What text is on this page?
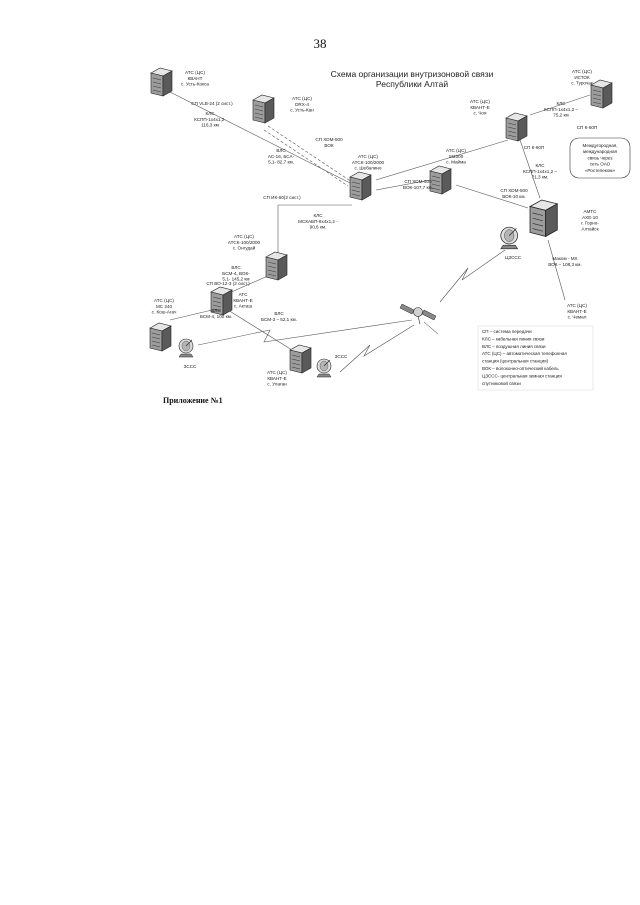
38
Схема организации внутризоновой связи Республики Алтай
АТС (ЦС) КВАНТ с. Усть-Кокса
АТС (ЦС) DRX-4 с. Усть-Кан
АТС (ЦС) АТСК-100/2000 с. Шебалино
АТС (ЦС) АТСК-100/2000 с. Онгудай
АТС (ЦС) МС 240 с. Кош-Агач
АТС КВАНТ-Е с. Акташ
АТС (ЦС) КВАНТ-Е с. Улаган
АТС (ЦС) КВАНТ-Е с. Чоя
АТС (ЦС) ИСТОК с. Турочак
АТС (ЦС) SI2000 с. Майма
АМТС AXE-10 г. Горно-Алтайск
АТС (ЦС) КВАНТ-Е с. Чемал
СП VLB-24 (2 сист.)
КЛС КСПП-1х4х1,2-116,3 км
СП XDM-500 ВОК
ВЛС АС-16, БСА-5,1- 82,7 км.
СП ИК-60(2 сист.)
КЛС МСКАБП-8х4х1,2 -90,6 км.
СП XDM-500 ВОК-107,7 км.
ВЛС БСМ-4, ВОК-5,1- 145,2 км
СП ВО-12-3 (2 сист.)
ВЛС БСМ-4, 100 км.
ВЛС БСМ-3 – 52,1 км.
КЛС КСПП-1х4х1,2 – 75,2 км
СП К-60П
СП К-60П
КЛС КСПП-1х4х1,2 – 71,3 км.
СП XDM-500 ВОК-10 км.
Маком - МХ ВОК – 108,3 км.
ЗССС
ЗССС
ЦЗССС
Междугородная, международная связь через сеть ОАО «Ростелеком»
СП – система передачи КЛС – кабельная линия связи ВЛС – воздушная линия связи АТС (ЦС) – автоматическая телефонная станция (центральная станция) ВОК – волоконно-оптический кабель ЦЗССС- центральная земная станция спутниковой связи
Приложение №1
